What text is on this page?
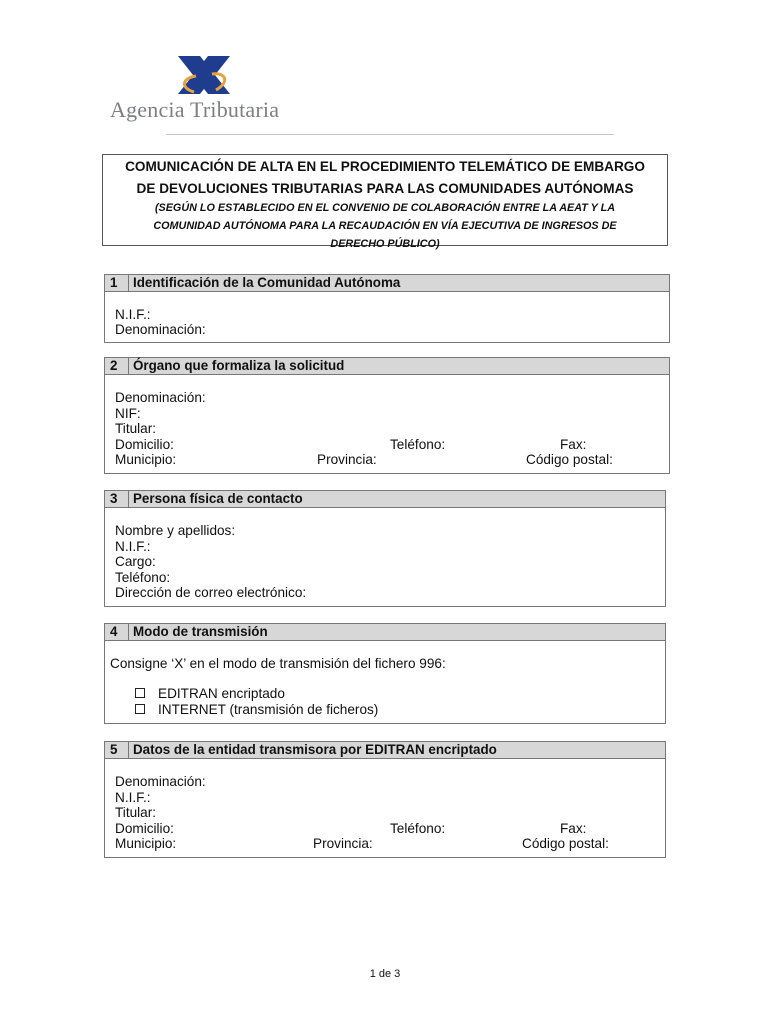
Agencia Tributaria
COMUNICACIÓN DE ALTA EN EL PROCEDIMIENTO TELEMÁTICO DE EMBARGO
DE DEVOLUCIONES TRIBUTARIAS PARA LAS COMUNIDADES AUTÓNOMAS
(SEGÚN LO ESTABLECIDO EN EL CONVENIO DE COLABORACIÓN ENTRE LA AEAT Y LA
COMUNIDAD AUTÓNOMA PARA LA RECAUDACIÓN EN VÍA EJECUTIVA DE INGRESOS DE
DERECHO PÚBLICO)
1	Identificación de la Comunidad Autónoma
N.I.F.:
Denominación:
2	Órgano que formaliza la solicitud
Denominación:
NIF:
Titular:
Domicilio:	Teléfono:	Fax:
Municipio:	Provincia:	Código postal:
3	Persona física de contacto
Nombre y apellidos:
N.I.F.:
Cargo:
Teléfono:
Dirección de correo electrónico:
4	Modo de transmisión
Consigne ‘X’ en el modo de transmisión del fichero 996:
EDITRAN encriptado
INTERNET (transmisión de ficheros)
5	Datos de la entidad transmisora por EDITRAN encriptado
Denominación:
N.I.F.:
Titular:
Domicilio:	Teléfono:	Fax:
Municipio:	Provincia:	Código postal:
1 de 3
